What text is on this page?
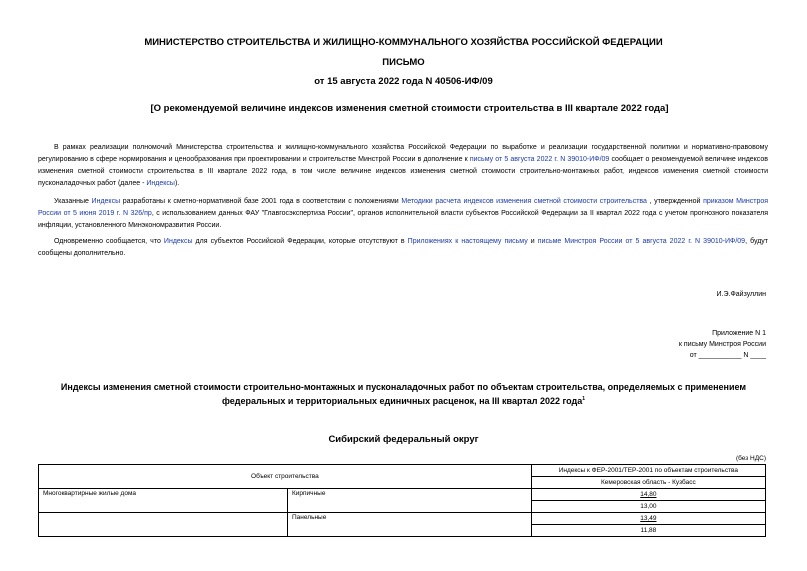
МИНИСТЕРСТВО СТРОИТЕЛЬСТВА И ЖИЛИЩНО-КОММУНАЛЬНОГО ХОЗЯЙСТВА РОССИЙСКОЙ ФЕДЕРАЦИИ
ПИСЬМО
от 15 августа 2022 года N 40506-ИФ/09
[О рекомендуемой величине индексов изменения сметной стоимости строительства в III квартале 2022 года]
В рамках реализации полномочий Министерства строительства и жилищно-коммунального хозяйства Российской Федерации по выработке и реализации государственной политики и нормативно-правовому регулированию в сфере нормирования и ценообразования при проектировании и строительстве Минстрой России в дополнение к письму от 5 августа 2022 г. N 39010-ИФ/09 сообщает о рекомендуемой величине индексов изменения сметной стоимости строительства в III квартале 2022 года, в том числе величине индексов изменения сметной стоимости строительно-монтажных работ, индексов изменения сметной стоимости пусконаладочных работ (далее - Индексы).
Указанные Индексы разработаны к сметно-нормативной базе 2001 года в соответствии с положениями Методики расчета индексов изменения сметной стоимости строительства , утвержденной приказом Минстроя России от 5 июня 2019 г. N 326/пр, с использованием данных ФАУ "Главгосэкспертиза России", органов исполнительной власти субъектов Российской Федерации за II квартал 2022 года с учетом прогнозного показателя инфляции, установленного Минэкономразвития России.
Одновременно сообщается, что Индексы для субъектов Российской Федерации, которые отсутствуют в Приложениях к настоящему письму и письме Минстроя России от 5 августа 2022 г. N 39010-ИФ/09, будут сообщены дополнительно.
И.Э.Файзуллин
Приложение N 1
к письму Минстроя России
от ___________ N ____
Индексы изменения сметной стоимости строительно-монтажных и пусконаладочных работ по объектам строительства, определяемых с применением федеральных и территориальных единичных расценок, на III квартал 2022 года$^1$
Сибирский федеральный округ
(без НДС)
Объект строительства		Индексы к ФЕР-2001/ТЕР-2001 по объектам строительства
		Кемеровская область - Кузбасс
Многоквартирные жилые дома	Кирпичные	14,80
		13,00
	Панельные	13,49
		11,88
